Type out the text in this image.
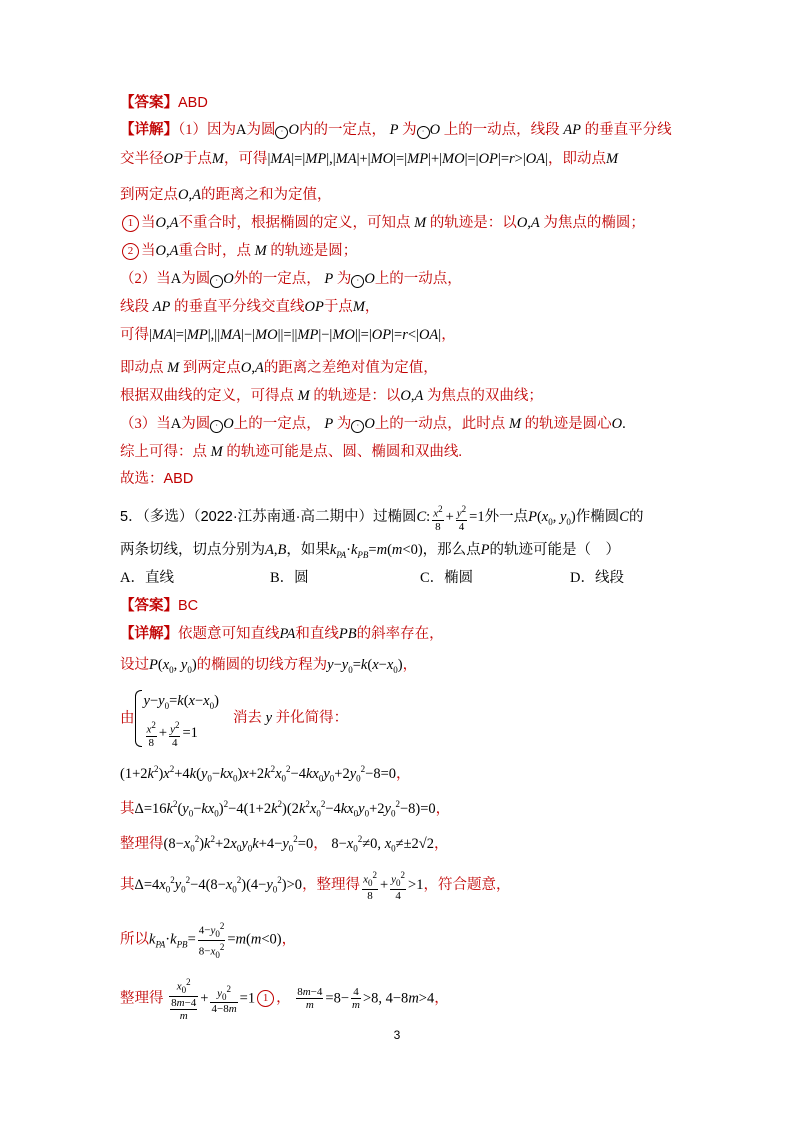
【答案】ABD
【详解】（1）因为A为圆 · O内的一定点， P 为 · O 上的一动点，线段 AP 的垂直平分线
交半径OP于点M，可得|MA|=|MP|,|MA|+|MO|=|MP|+|MO|=|OP|=r>|OA|，即动点M
到两定点O,A的距离之和为定值，
1 当O,A不重合时，根据椭圆的定义，可知点 M 的轨迹是：以O,A 为焦点的椭圆；
2 当O,A重合时，点 M 的轨迹是圆；
（2）当A为圆 · O外的一定点， P 为 · O上的一动点，
线段 AP 的垂直平分线交直线OP于点M，
可得|MA|=|MP|,||MA|−|MO||=||MP|−|MO||=|OP|=r<|OA|，
即动点 M 到两定点O,A的距离之差绝对值为定值，
根据双曲线的定义，可得点 M 的轨迹是：以O,A 为焦点的双曲线；
（3）当A为圆 · O上的一定点， P 为 · O上的一动点，此时点 M 的轨迹是圆心O.
综上可得：点 M 的轨迹可能是点、圆、椭圆和双曲线.
故选：ABD
5．（多选）（2022·江苏南通·高二期中）过椭圆C: $\frac{x^2}{8} + \frac{y^2}{4} =1$外一点$P(x_0$, $y_0$)作椭圆C的
两条切线，切点分别为A,B，如果$k_{PA}\cdot k_{PB}=m(m<0)$，那么点P的轨迹可能是（　）
A．直线	B．圆	C．椭圆	D．线段
【答案】BC
【详解】依题意可知直线PA和直线PB的斜率存在，
设过$P(x_0$, $y_0$)的椭圆的切线方程为$y-y_0=k(x-x_0)$，
由
$y-y_0=k(x-x_0)$
$\frac{x^2}{8} + \frac{y^2}{4} =1$
消去 y 并化简得：
$(1+2k^2)x^2+4k(y_0-kx_0)x+2k^2x_0^2-4kx_0y_0+2y_0^2-8=0$，
其$\Delta=16k^2(y_0-kx_0)^2-4(1+2k^2)(2k^2x_0^2-4kx_0y_0+2y_0^2-8)=0$，
整理得$(8-x_0^2)k^2+2x_0y_0k+4-y_0^2=0$， $8-x_0^2\ne 0$, $x_0\ne\pm 2√2$，
其$\Delta=4x_0^2y_0^2-4(8-x_0^2)(4-y_0^2)>0$，整理得 $\frac{x_0^2}{8} + \frac{y_0^2}{4} >1$，符合题意，
所以$k_{PA}\cdot k_{PB}= \frac{4-y_0^2}{8-x_0^2} =m(m<0)$，
整理得 $\frac{x_0^2}{\frac{8m-4}{m}} + \frac{y_0^2}{4-8m} =1$ 1 ， $\frac{8m-4}{m} =8- \frac{4}{m} >8$, 4−8m>4，
3
